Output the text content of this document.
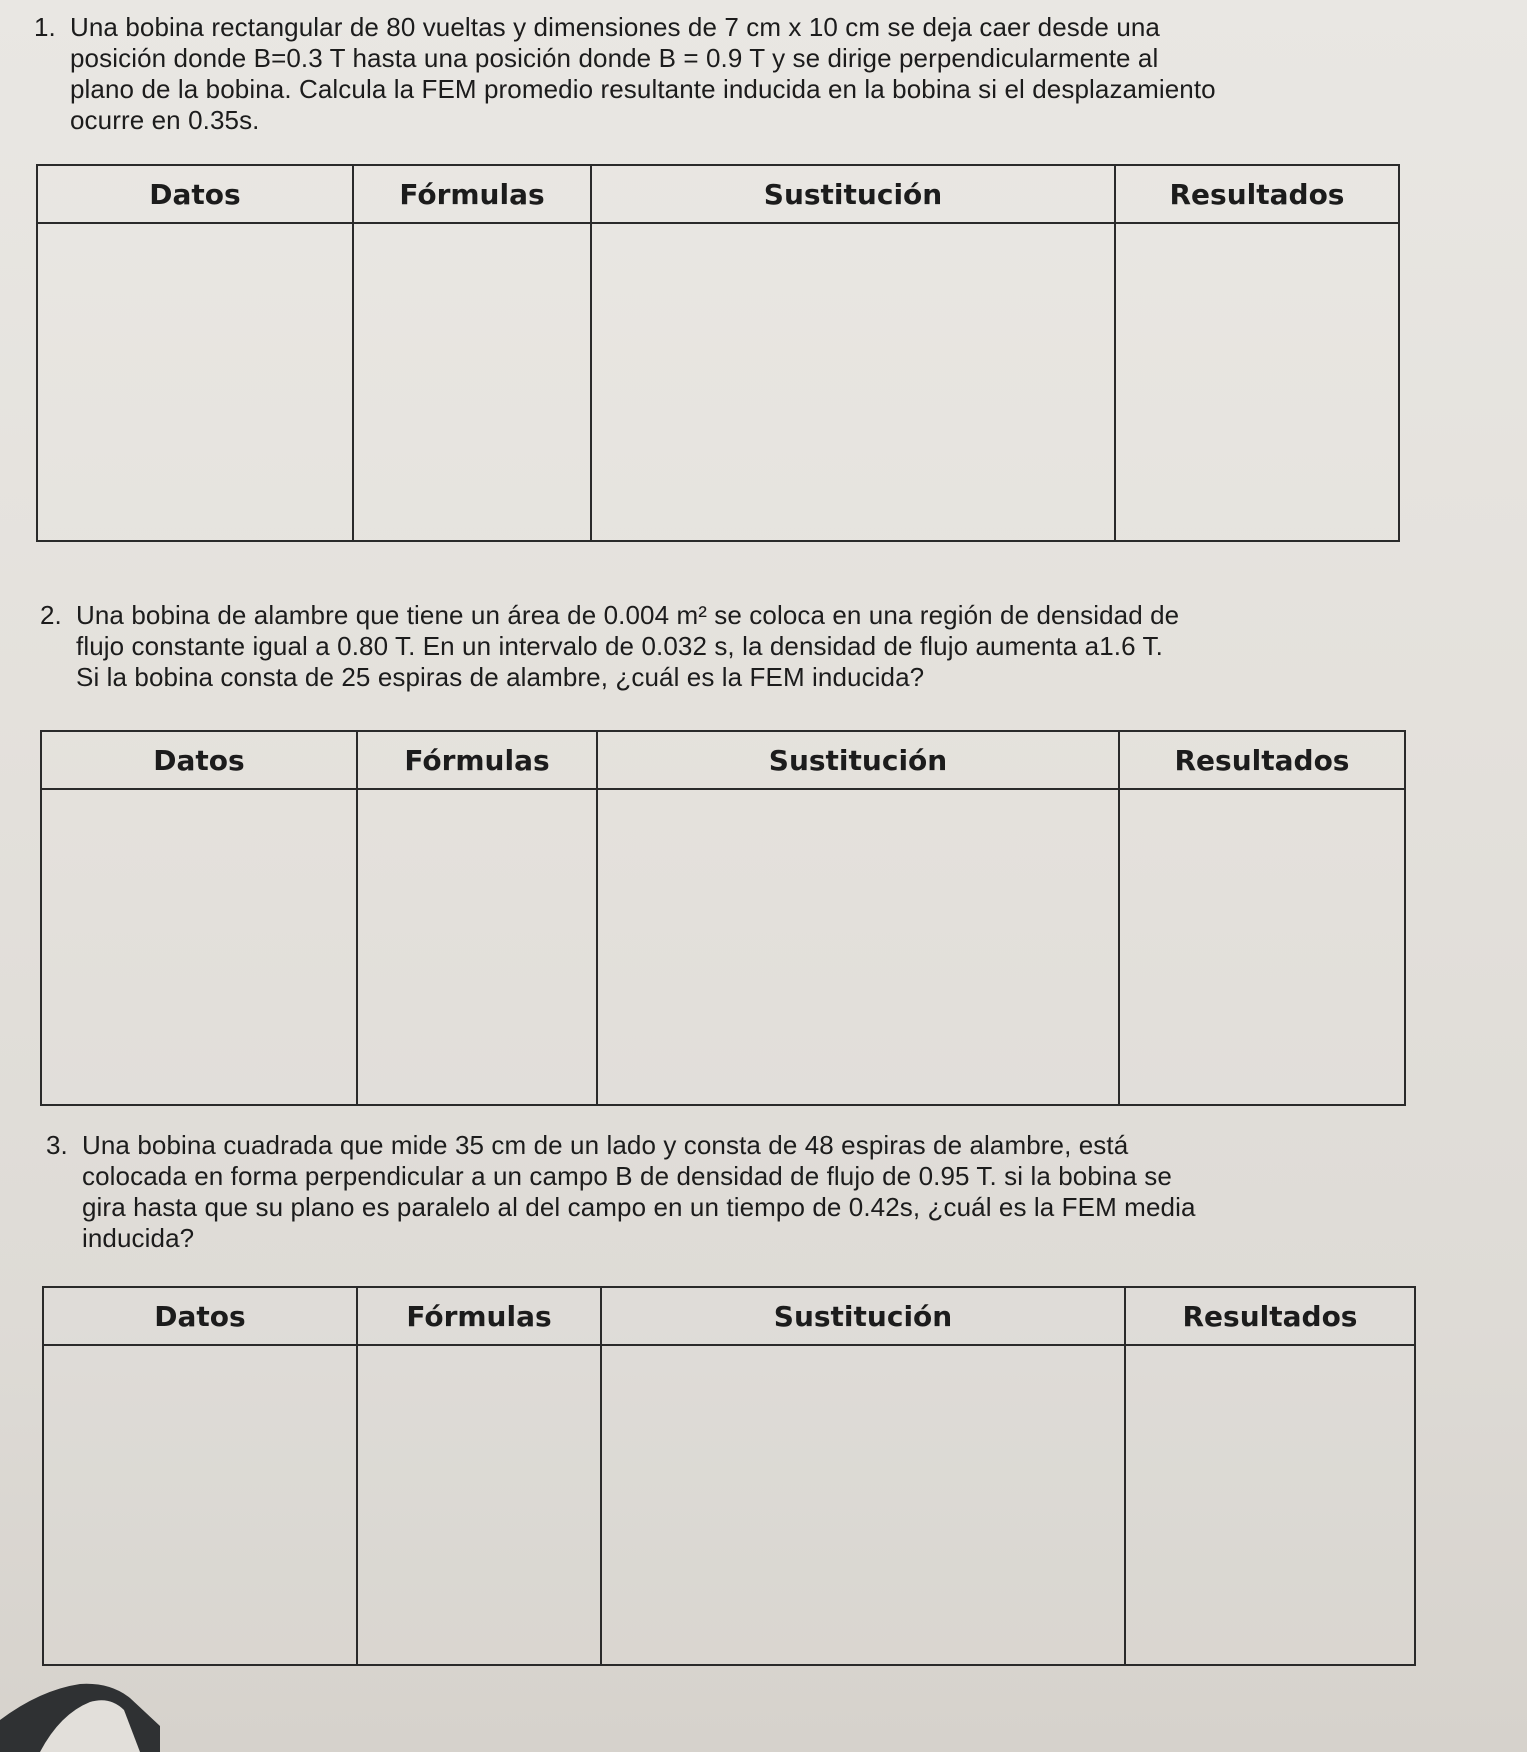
1. Una bobina rectangular de 80 vueltas y dimensiones de 7 cm x 10 cm se deja caer desde una
posición donde B=0.3 T hasta una posición donde B = 0.9 T y se dirige perpendicularmente al
plano de la bobina. Calcula la FEM promedio resultante inducida en la bobina si el desplazamiento
ocurre en 0.35s.
Datos	Fórmulas	Sustitución	Resultados

2. Una bobina de alambre que tiene un área de 0.004 m² se coloca en una región de densidad de
flujo constante igual a 0.80 T. En un intervalo de 0.032 s, la densidad de flujo aumenta a1.6 T.
Si la bobina consta de 25 espiras de alambre, ¿cuál es la FEM inducida?
Datos	Fórmulas	Sustitución	Resultados

3. Una bobina cuadrada que mide 35 cm de un lado y consta de 48 espiras de alambre, está
colocada en forma perpendicular a un campo B de densidad de flujo de 0.95 T. si la bobina se
gira hasta que su plano es paralelo al del campo en un tiempo de 0.42s, ¿cuál es la FEM media
inducida?
Datos	Fórmulas	Sustitución	Resultados
